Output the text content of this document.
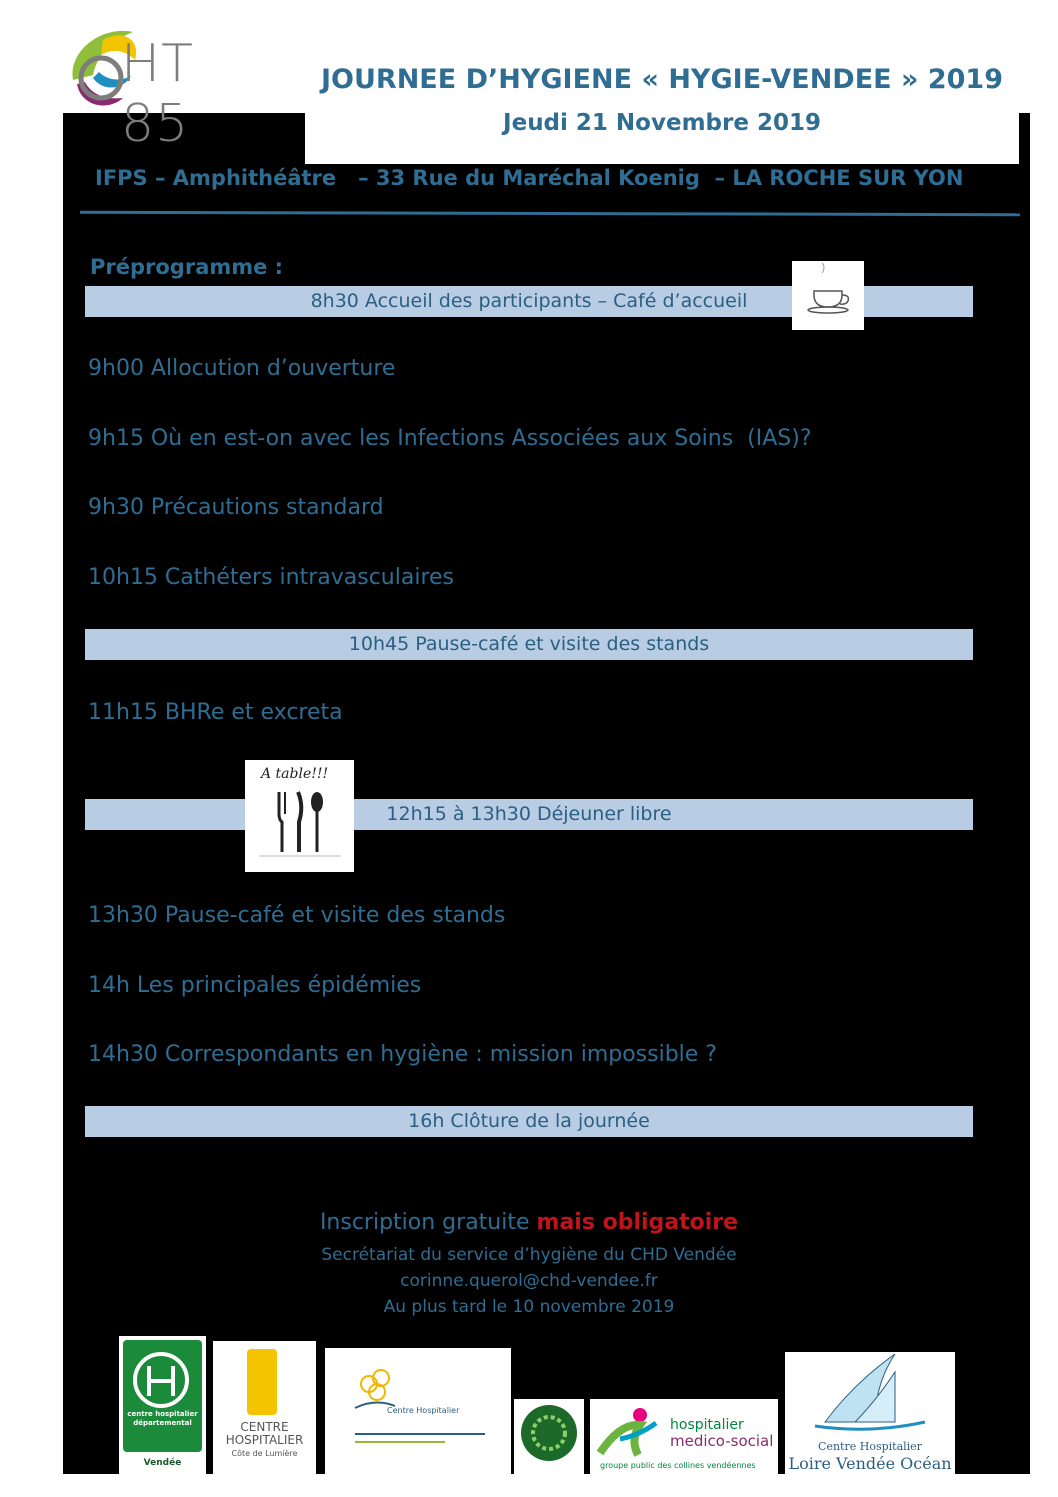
HT 85
JOURNEE D’HYGIENE « HYGIE-VENDEE » 2019
Jeudi 21 Novembre 2019
IFPS – Amphithéâtre   – 33 Rue du Maréchal Koenig  – LA ROCHE SUR YON
Préprogramme :
8h30 Accueil des participants – Café d’accueil
9h00 Allocution d’ouverture
9h15 Où en est-on avec les Infections Associées aux Soins  (IAS)?
9h30 Précautions standard
10h15 Cathéters intravasculaires
10h45 Pause-café et visite des stands
11h15 BHRe et excreta
12h15 à 13h30 Déjeuner libre
A table!!!
13h30 Pause-café et visite des stands
14h Les principales épidémies
14h30 Correspondants en hygiène : mission impossible ?
16h Clôture de la journée
Inscription gratuite mais obligatoire
Secrétariat du service d’hygiène du CHD Vendée
corinne.querol@chd-vendee.fr
Au plus tard le 10 novembre 2019
centre hospitalier départemental
Vendée
CENTRE
HOSPITALIER
Côte de Lumière
Centre Hospitalier
hospitalier
medico-social
groupe public des collines vendéennes
Centre Hospitalier
Loire Vendée Océan
